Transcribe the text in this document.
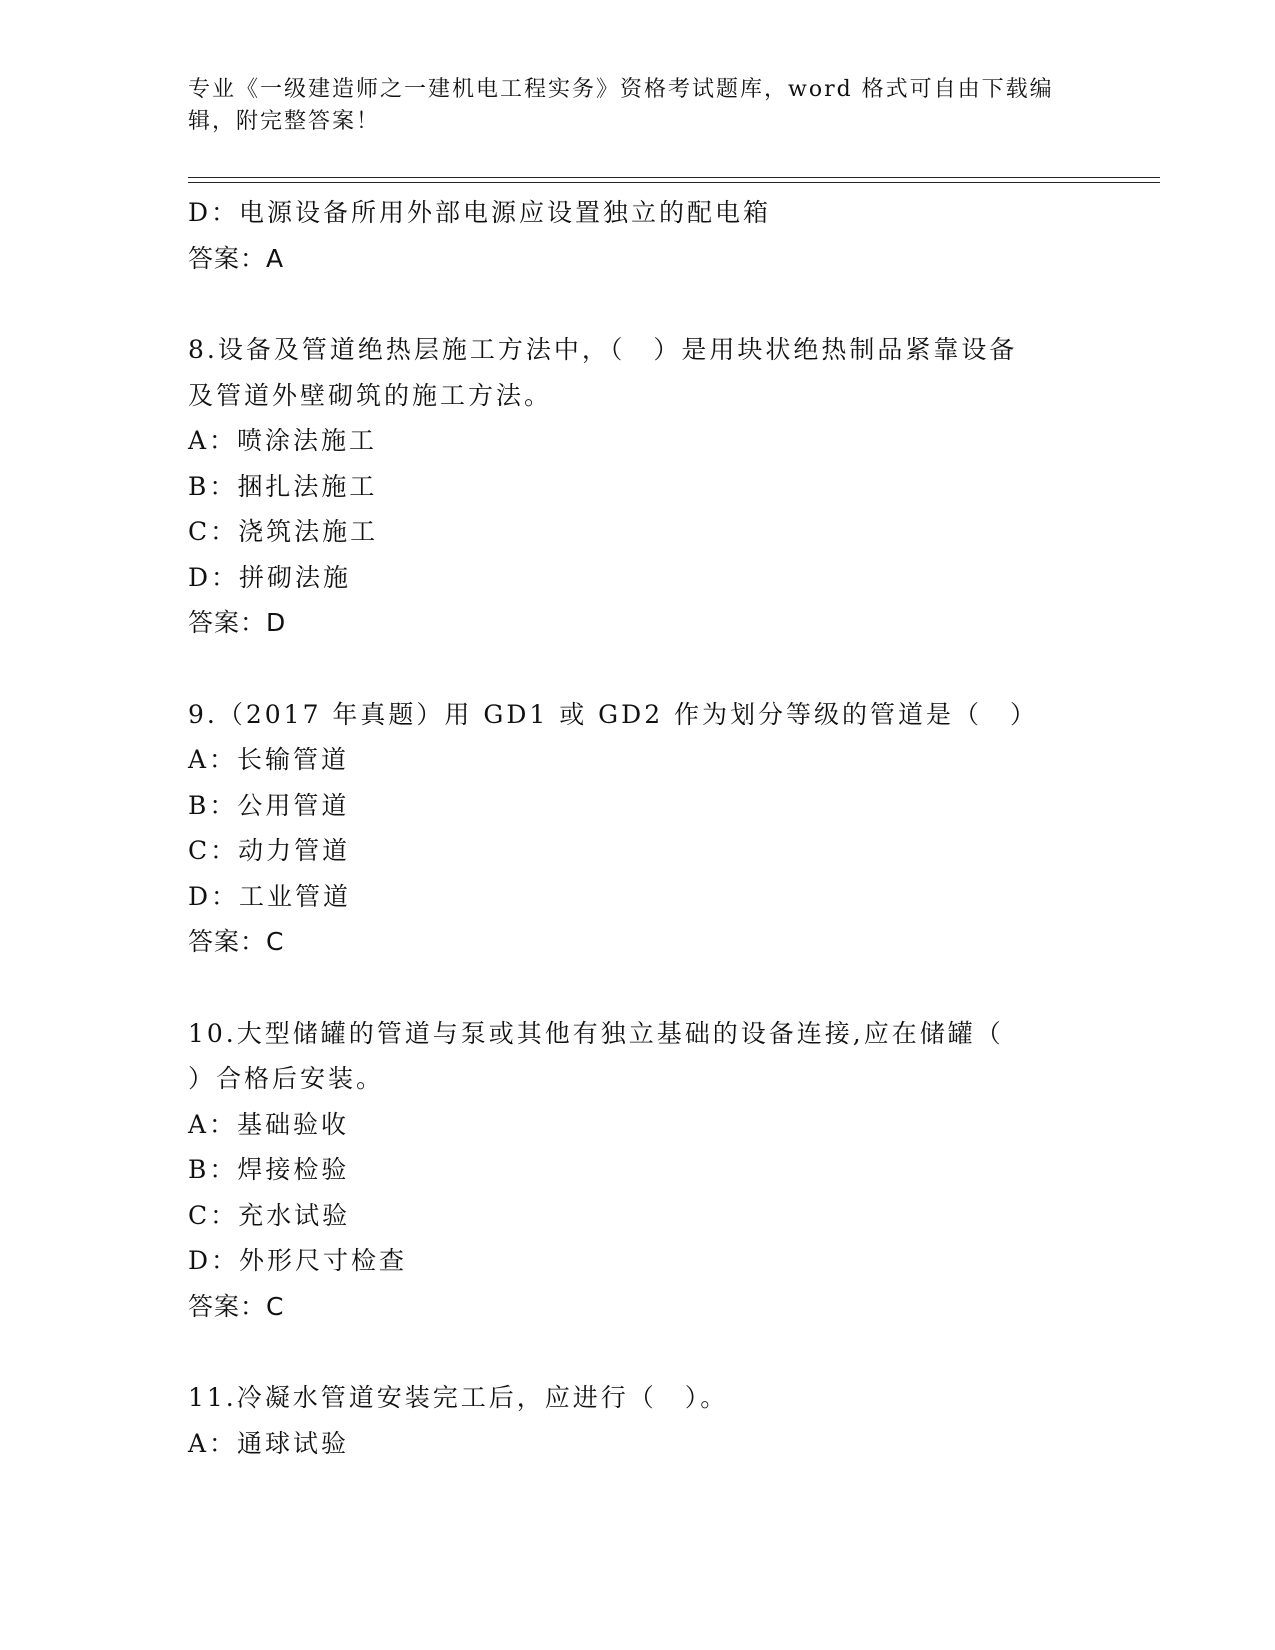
专业《一级建造师之一建机电工程实务》资格考试题库，word 格式可自由下载编辑，附完整答案！
D：电源设备所用外部电源应设置独立的配电箱
答案：A
8.设备及管道绝热层施工方法中，（　）是用块状绝热制品紧靠设备
及管道外壁砌筑的施工方法。
A：喷涂法施工
B：捆扎法施工
C：浇筑法施工
D：拼砌法施
答案：D
9.（2017 年真题）用 GD1 或 GD2 作为划分等级的管道是（　）
A：长输管道
B：公用管道
C：动力管道
D：工业管道
答案：C
10.大型储罐的管道与泵或其他有独立基础的设备连接,应在储罐（
）合格后安装。
A：基础验收
B：焊接检验
C：充水试验
D：外形尺寸检查
答案：C
11.冷凝水管道安装完工后，应进行（　）。
A：通球试验
